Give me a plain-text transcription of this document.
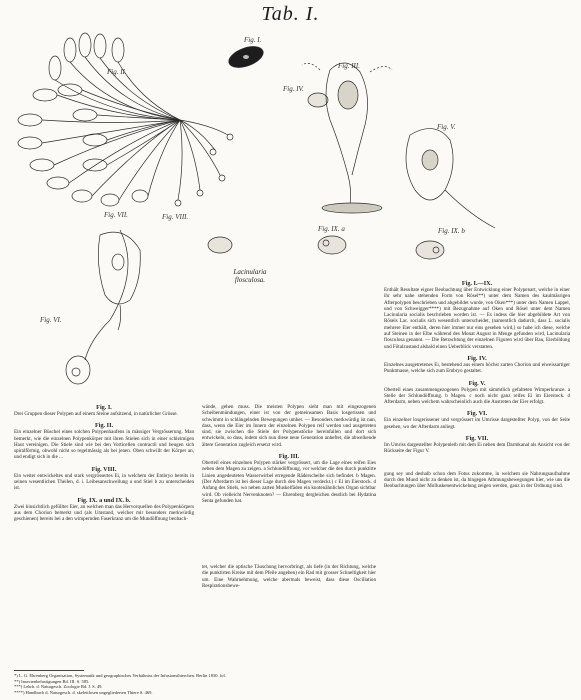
Tab. I.
Fig. I.
Fig. II.
Fig. III.
Fig. IV.
Fig. V.
Fig. VI.
Fig. VII.	Fig. VIII.
Fig. IX. a	Fig. IX. b
Lacinularia
flosculosa.
Fig. I.
Drei Gruppen dieser Polypen auf einem Steine aufsitzend, in natürlicher Grösse.
Fig. II.
Ein einzelner Büschel eines solchen Polypenhaufens in mässiger Vergrösserung. Man bemerkt, wie die einzelnen Polypenkörper mit ihren Stielen sich in einer schleimigen Haut vereinigen. Die Stiele sind wie bei den Vorticellen contractil und beugen sich spiralförmig, obwohl nicht so regelmässig als bei jenen. Oben schwillt der Körper an, und endigt sich in die ...
Fig. VIII.
Ein weiter entwickeltes und stark vergrössertes Ei, in welchem der Embryo bereits in seinen wesentlichen Theilen, d. i. Leibesanschwellung a und Stiel b zu unterscheiden ist.
Fig. IX. a und IX. b.
Zwei hinsichtlich gefüllter Eier, an welchen man das Hervorquellen des Polypenkörpers aus dem Chorion bemerkt und (als Umstand, welcher mir besonders merkwürdig geschienen) bereits bei a den wimpernden Faserkranz um die Mundöffnung beobach-
wände, gehen muss. Die meisten Polypen sieht man mit eingezogenen Scheibenmündungen, einer ist von der gemeinsamen Basis losgerissen und schwimmt in schlängelnden Bewegungen umher. — Besonders merkwürdig ist nun, dass, wenn die Eier im Innern der einzelnen Polypen reif werden und ausgetreten sind, sie zwischen die Stiele der Polypenstöcke hereinfallen und dort sich entwickeln, so dass, indem sich nun diese neue Generation anheftet, die abwelkende ältere Generation zugleich ersetzt wird.
Fig. III.
Oberteil eines einzelnen Polypen stärker vergrössert, um die Lage eines reifen Eies neben dem Magen zu zeigen. a Schlundöffnung, vor welcher die den durch punktirte Linien angedeuteten Wasserwirbel erregende Räderscheibe sich befindet. b Magen. (Der Afterdarm ist bei dieser Lage durch den Magen verdeckt.) c El im Eierstock. d Anfang des Stiels, wo neben zarten Muskelfäden ein knotenähnliches Organ sichtbar wird. Ob vielleicht Nervenknoten? — Ehrenberg dergleichen deutlich bei Hydatina Senta gefunden hat.
tet, welcher die optische Täuschung hervorbringt, als liefe (in der Richtung, welche die punktirten Kreise mit dem Pfeile angeben) ein Rad mit grosser Schnelligkeit hier um. Eine Wahrnehmung, welche abermals beweist, dass diese Oscillation Respirationsbewe-
Fig. I.—IX.
Enthält Resultate eigner Beobachtung über Entwicklung einer Polypenart, welche in einer ihr sehr nahe stehenden Form von Rösel**) unter dem Namen des kaulmäsrigen Afterpolypen beschrieben und abgebildet wurde, von Oken***) unter dem Namen Lappel, und von Schweigger****) mit Bezugnahme auf Oken und Rösel unter dem Namen Lacinularia socialis beschrieben worden ist. — Es indess die hier abgebildete Art von Rösels Lac. socialis sich wesentlich unterscheidet, (namentlich dadurch, dass L. socialis mehrere Eier enthält, deren hier immer nur eins gesehen wird,) so habe ich diese, welche auf Steinen in der Elbe während des Monat August in Menge gefunden wird, Lacinularia flosculosa genannt. — Die Betrachtung der einzelnen Figuren wird über Bau, Eierbildung und Fötalzustand alsbald einen Ueberblick verstatten.
Fig. IV.
Einzelnes ausgetretenes Ei, bestehend aus einem höchst zarten Chorion und eiweissartiger Punktmasse, welche sich zum Embryo gestaltet.
Fig. V.
Oberteil eines zusammengezogenen Polypen mit sämmtlich gefalteten Wimperkranze. a Stelle der Schlundöffnung. b Magen. c noch nicht ganz reifes Ei im Eierstock. d Afterdarm, neben welchem wahrscheinlich auch die Austreten der Eier erfolgt.
Fig. VI.
Ein einzelner losgerissener und vergrössert im Umrisse dargestellter Polyp, von der Seite gesehen, wo der Afterdarm anliegt.
Fig. VII.
Im Umriss dargestellter Polypenleib mit dem Ei neben dem Darmkanal als Ansicht von der Rückseite der Figur V.
gung sey und deshalb schon dem Fotus zukomme, in welchem sie Nahrungsaufnahme durch den Mund nicht zu denken ist, da hingegen Athmungsbewegungen hier, wie uns die Beobachtungen über Molluskenentwickelung zeigen werden, ganz in der Ordnung sind.
*) L. G. Ehrenberg Organisation, Systematik und geographisches Verhältniss der Infusionsthierchen. Berlin 1830. fol.
**) Insectenbelustigungen Bd. III. S. 585.
***) Lehrb. d. Naturgesch. Zoologie Bd. I. S. 49.
****) Handbuch d. Naturgesch. d. skelettlosen ungegliederten Thiere S. 469.
